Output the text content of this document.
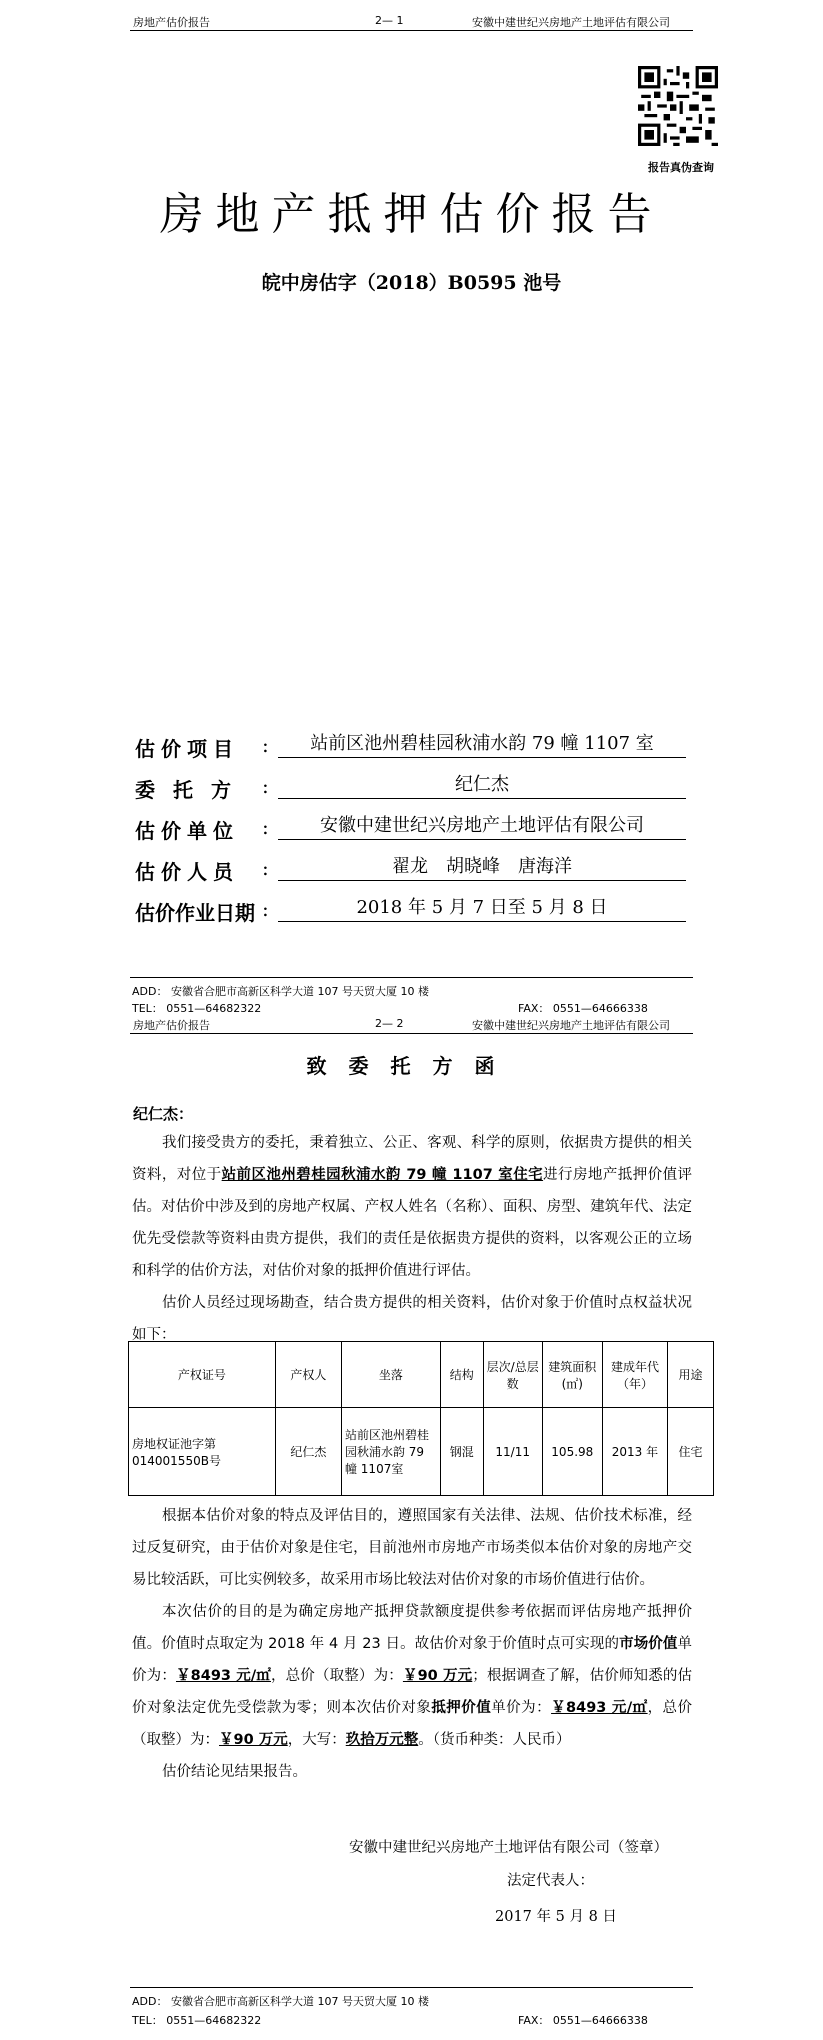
房地产估价报告	2— 1	安徽中建世纪兴房地产土地评估有限公司
报告真伪查询
房地产抵押估价报告
皖中房估字（2018）B0595 池号
估价项目 :	站前区池州碧桂园秋浦水韵 79 幢 1107 室
委托方 :	纪仁杰
估价单位 :	安徽中建世纪兴房地产土地评估有限公司
估价人员 :	翟龙　胡晓峰　唐海洋
估价作业日期 :	2018 年 5 月 7 日至 5 月 8 日
ADD： 安徽省合肥市高新区科学大道 107 号天贸大厦 10 楼
TEL： 0551—64682322	FAX： 0551—64666338
房地产估价报告	2— 2	安徽中建世纪兴房地产土地评估有限公司
致委托方函
纪仁杰：
我们接受贵方的委托，秉着独立、公正、客观、科学的原则，依据贵方提供的相关资料，对位于站前区池州碧桂园秋浦水韵 79 幢 1107 室住宅进行房地产抵押价值评估。对估价中涉及到的房地产权属、产权人姓名（名称）、面积、房型、建筑年代、法定优先受偿款等资料由贵方提供，我们的责任是依据贵方提供的资料，以客观公正的立场和科学的估价方法，对估价对象的抵押价值进行评估。
估价人员经过现场勘查，结合贵方提供的相关资料，估价对象于价值时点权益状况如下：
产权证号	产权人	坐落	结构	层次/总层数	建筑面积(㎡)	建成年代（年）	用途
房地权证池字第 014001550B号	纪仁杰	站前区池州碧桂园秋浦水韵 79 幢 1107室	钢混	11/11	105.98	2013 年	住宅
根据本估价对象的特点及评估目的，遵照国家有关法律、法规、估价技术标准，经过反复研究，由于估价对象是住宅，目前池州市房地产市场类似本估价对象的房地产交易比较活跃，可比实例较多，故采用市场比较法对估价对象的市场价值进行估价。
本次估价的目的是为确定房地产抵押贷款额度提供参考依据而评估房地产抵押价值。价值时点取定为 2018 年 4 月 23 日。故估价对象于价值时点可实现的市场价值单价为：￥8493 元/㎡，总价（取整）为：￥90 万元；根据调查了解，估价师知悉的估价对象法定优先受偿款为零；则本次估价对象抵押价值单价为：￥8493 元/㎡，总价（取整）为：￥90 万元，大写：玖拾万元整。（货币种类：人民币）
估价结论见结果报告。
安徽中建世纪兴房地产土地评估有限公司（签章）
法定代表人：
2017 年 5 月 8 日
ADD： 安徽省合肥市高新区科学大道 107 号天贸大厦 10 楼
TEL： 0551—64682322	FAX： 0551—64666338
